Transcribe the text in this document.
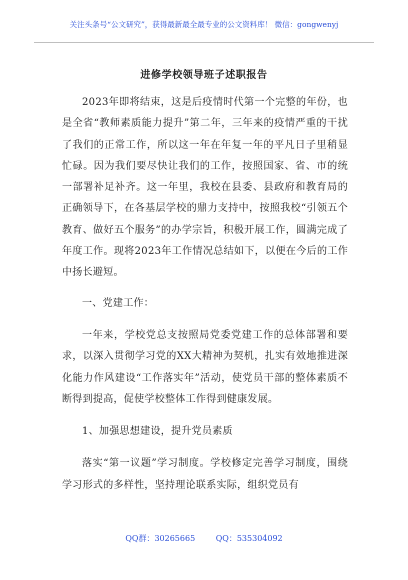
关注头条号“公文研究”，获得最新最全最专业的公文资料库！ 微信：gongwenyj
进修学校领导班子述职报告

2023年即将结束，这是后疫情时代第一个完整的年份，也是全省“教师素质能力提升”第二年，三年来的疫情严重的干扰了我们的正常工作，所以这一年在年复一年的平凡日子里稍显忙碌。因为我们要尽快让我们的工作，按照国家、省、市的统一部署补足补齐。这一年里，我校在县委、县政府和教育局的正确领导下，在各基层学校的鼎力支持中，按照我校“引领五个教育、做好五个服务”的办学宗旨，积极开展工作，圆满完成了年度工作。现将2023年工作情况总结如下，以便在今后的工作中扬长避短。

一、党建工作：

一年来，学校党总支按照局党委党建工作的总体部署和要求，以深入贯彻学习党的XX大精神为契机，扎实有效地推进深化能力作风建设“工作落实年”活动，使党员干部的整体素质不断得到提高，促使学校整体工作得到健康发展。

1、加强思想建设，提升党员素质

落实“第一议题”学习制度。学校修定完善学习制度，围绕学习形式的多样性，坚持理论联系实际，组织党员有

QQ群：30265665	QQ：535304092
